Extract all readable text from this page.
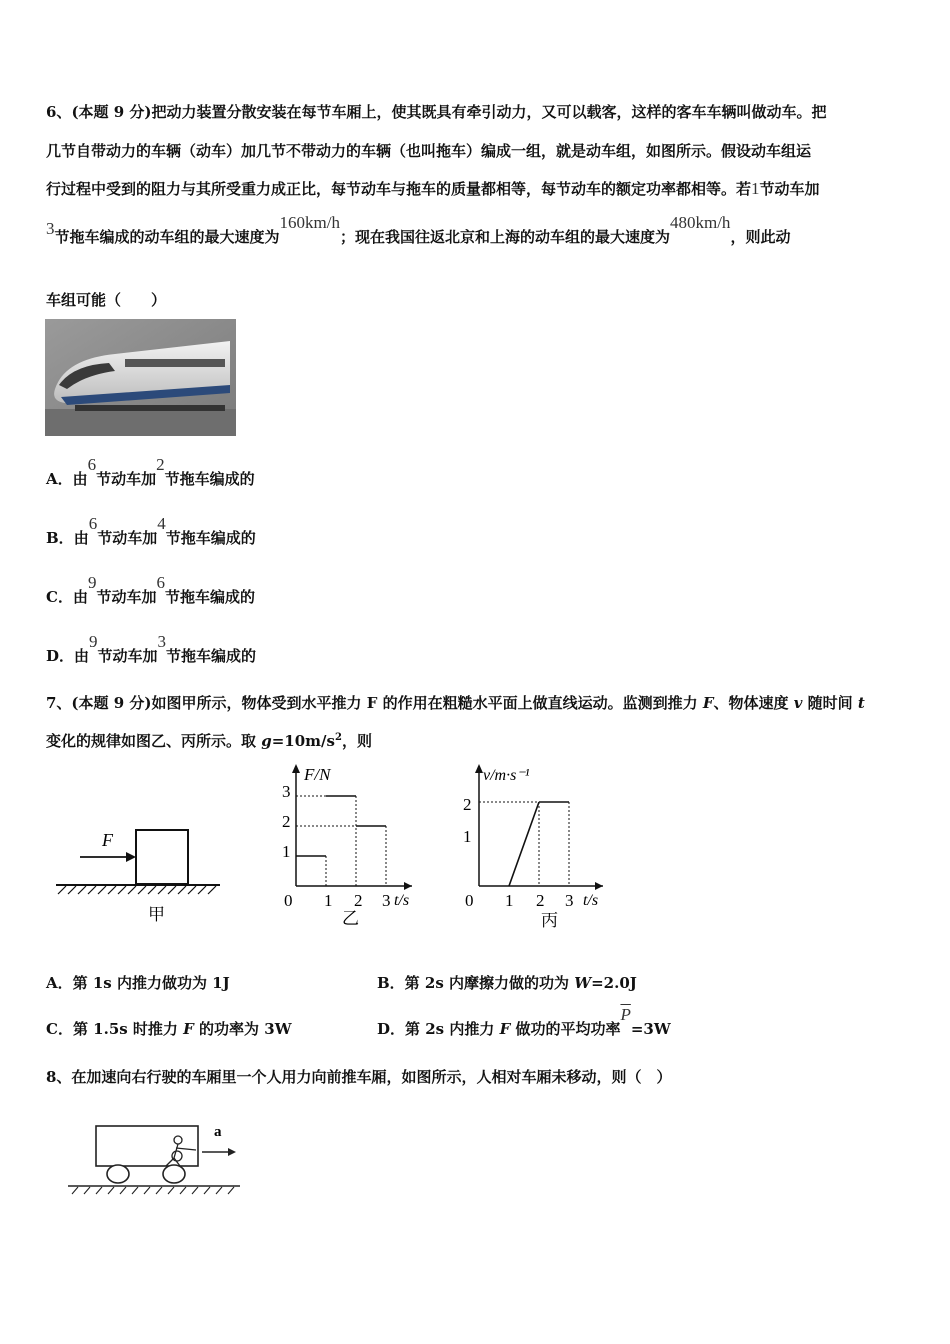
6、(本题 9 分)把动力装置分散安装在每节车厢上，使其既具有牵引动力，又可以载客，这样的客车车辆叫做动车。把
几节自带动力的车辆（动车）加几节不带动力的车辆（也叫拖车）编成一组，就是动车组，如图所示。假设动车组运
行过程中受到的阻力与其所受重力成正比，每节动车与拖车的质量都相等，每节动车的额定功率都相等。若1节动车加
3节拖车编成的动车组的最大速度为160km/h；现在我国往返北京和上海的动车组的最大速度为480km/h，则此动
车组可能（　　）
A．由6节动车加2节拖车编成的
B．由6节动车加4节拖车编成的
C．由9节动车加6节拖车编成的
D．由9节动车加3节拖车编成的
7、(本题 9 分)如图甲所示，物体受到水平推力 F 的作用在粗糙水平面上做直线运动。监测到推力 F、物体速度 v 随时间 t
变化的规律如图乙、丙所示。取 $g=10m/s^2$，则
F
甲
F/N
t/s
0 1 2 3
1
2
3
乙
v/m·s⁻¹
t/s
0 1 2 3
1
2
丙
A．第 1s 内推力做功为 1J	B．第 2s 内摩擦力做的功为 W=2.0J
C．第 1.5s 时推力 F 的功率为 3W	D．第 2s 内推力 F 做功的平均功率$\overline{P}=3W$
8、在加速向右行驶的车厢里一个人用力向前推车厢，如图所示，人相对车厢未移动，则（　）
a
